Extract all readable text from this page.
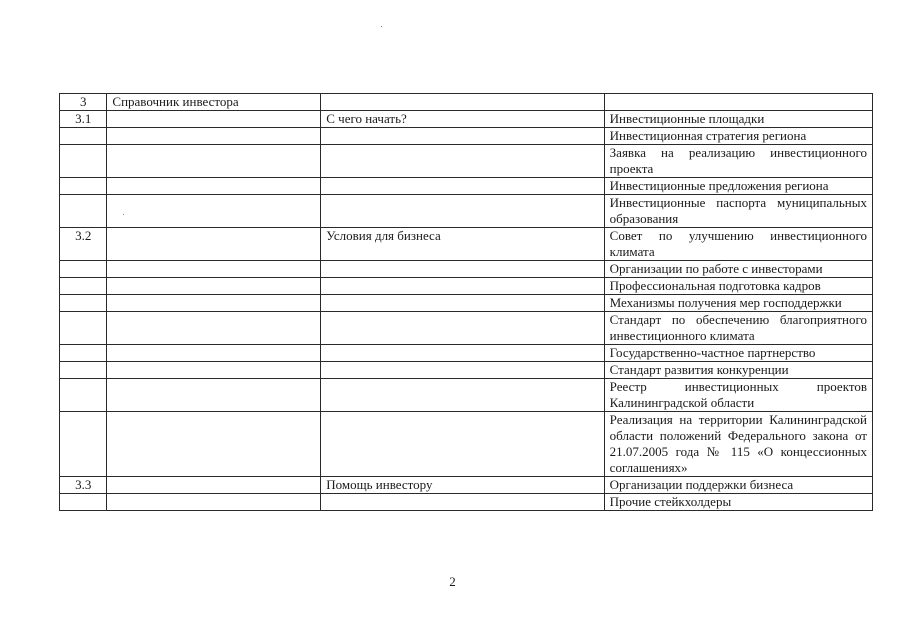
3	Справочник инвестора		
3.1		С чего начать?	Инвестиционные площадки
			Инвестиционная стратегия региона
			Заявка на реализацию инвестиционного проекта
			Инвестиционные предложения региона
			Инвестиционные паспорта муниципальных образования
3.2		Условия для бизнеса	Совет по улучшению инвестиционного климата
			Организации по работе с инвесторами
			Профессиональная подготовка кадров
			Механизмы получения мер господдержки
			Стандарт по обеспечению благоприятного инвестиционного климата
			Государственно-частное партнерство
			Стандарт развития конкуренции
			Реестр инвестиционных проектов Калининградской области
			Реализация на территории Калининградской области положений Федерального закона от 21.07.2005 года № 115 «О концессионных соглашениях»
3.3		Помощь инвестору	Организации поддержки бизнеса
			Прочие стейкхолдеры
2
